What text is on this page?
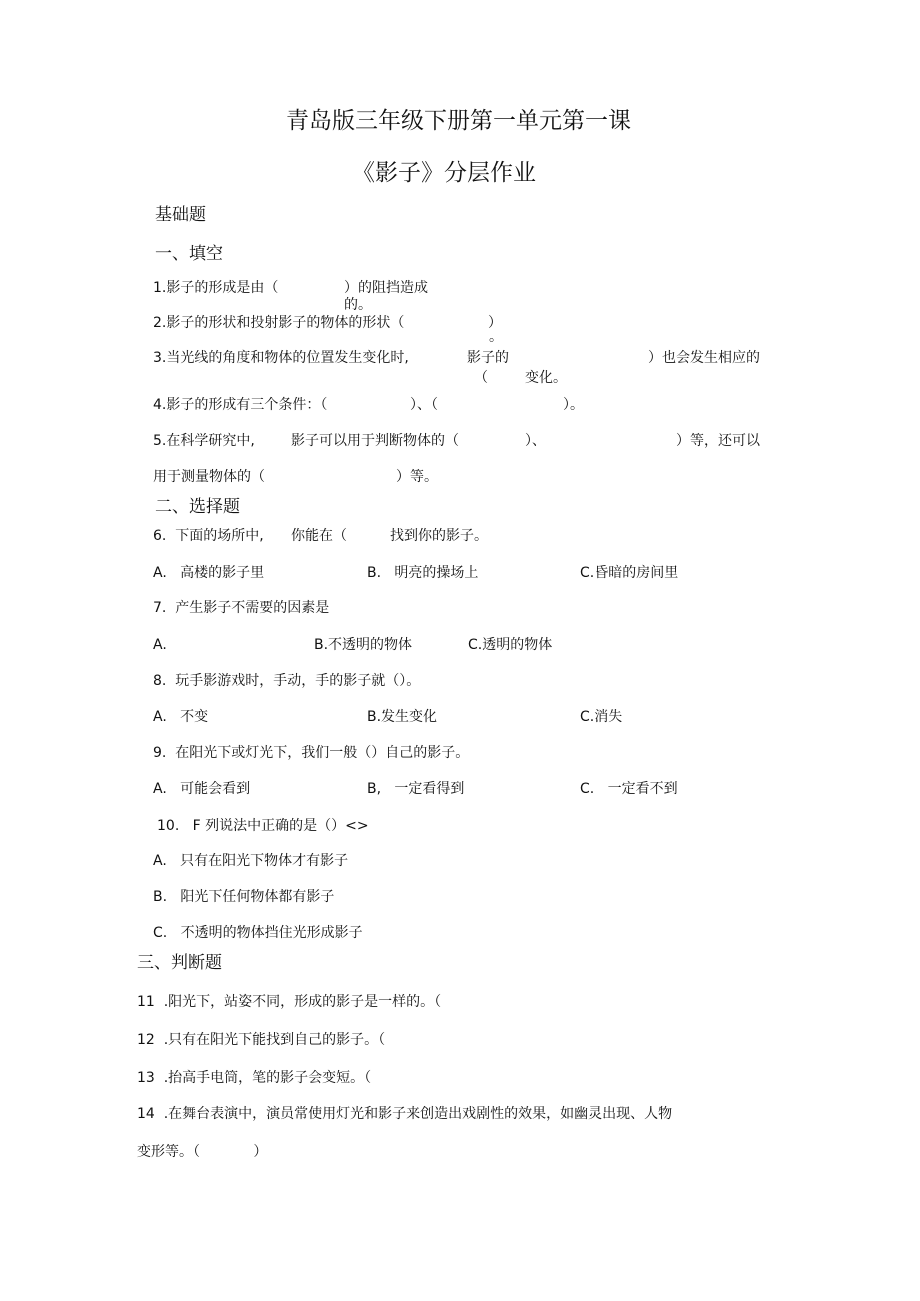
青岛版三年级下册第一单元第一课
《影子》分层作业
基础题
一、填空
1.影子的形成是由（	）的阻挡造成
的。
2.影子的形状和投射影子的物体的形状（	）
。
3.当光线的角度和物体的位置发生变化时,	影子的	）也会发生相应的
（	变化。
4.影子的形成有三个条件：（	）、（	）。
5.在科学研究中,	影子可以用于判断物体的（	）、	）等，还可以
用于测量物体的（	）等。
二、选择题
6.  下面的场所中, 你能在（	找到你的影子。
A.   高楼的影子里	B.   明亮的操场上	C.昏暗的房间里
7.  产生影子不需要的因素是
A.	B.不透明的物体	C.透明的物体
8.  玩手影游戏时，手动，手的影子就（）。
A.   不变	B.发生变化	C.消失
9.  在阳光下或灯光下，我们一般（）自己的影子。
A.   可能会看到	B,   一定看得到	C.   一定看不到
10.   F 列说法中正确的是（）<>
A.   只有在阳光下物体才有影子
B.   阳光下任何物体都有影子
C.   不透明的物体挡住光形成影子
三、判断题
11  .阳光下，站姿不同，形成的影子是一样的。（
12  .只有在阳光下能找到自己的影子。（
13  .抬高手电筒，笔的影子会变短。（
14  .在舞台表演中，演员常使用灯光和影子来创造出戏剧性的效果，如幽灵出现、人物
变形等。（            ）
